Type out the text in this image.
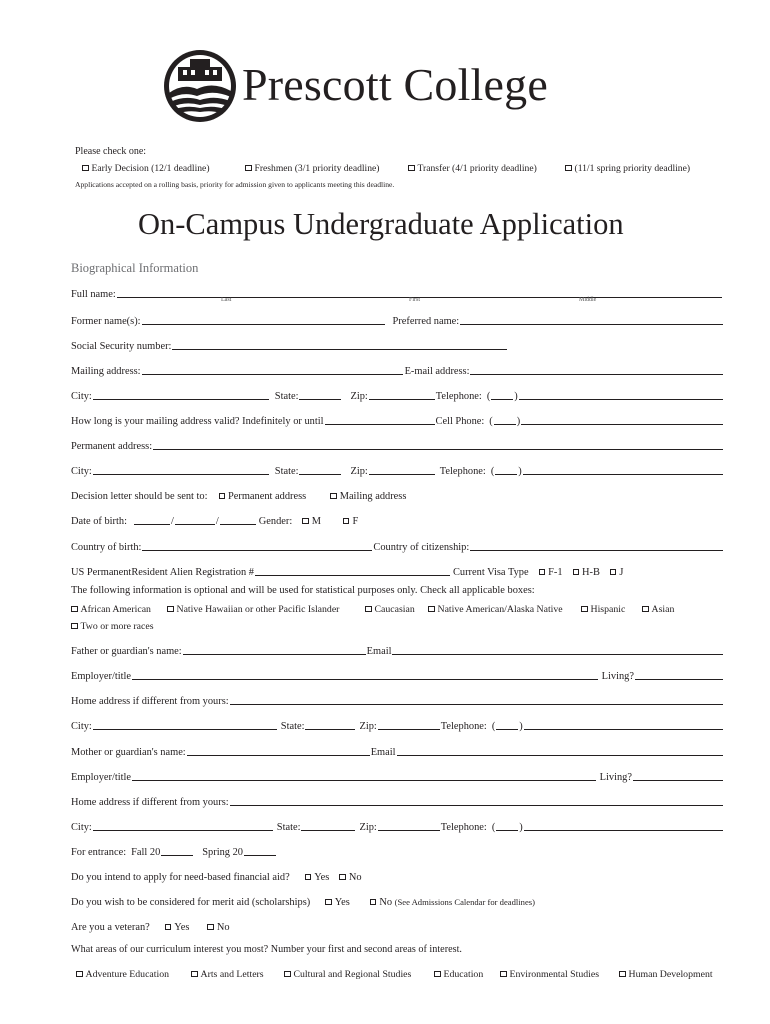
Prescott College
Please check one:
Early Decision (12/1 deadline)	Freshmen (3/1 priority deadline)	Transfer (4/1 priority deadline)	(11/1 spring priority deadline)
Applications accepted on a rolling basis, priority for admission given to applicants meeting this deadline.
On-Campus Undergraduate Application
Biographical Information
Full name:	Last	First	Middle
Former name(s):	Preferred name:
Social Security number:
Mailing address:	E-mail address:
City:	State:	Zip:	Telephone: ( )
How long is your mailing address valid? Indefinitely or until	Cell Phone: ( )
Permanent address:
City:	State:	Zip:	Telephone: ( )
Decision letter should be sent to:	Permanent address	Mailing address
Date of birth:	/	/	Gender:	M	F
Country of birth:	Country of citizenship:
US PermanentResident Alien Registration #	Current Visa Type	F-1	H-B	J
The following information is optional and will be used for statistical purposes only. Check all applicable boxes:
African American	Native Hawaiian or other Pacific Islander	Caucasian	Native American/Alaska Native	Hispanic	Asian
Two or more races
Father or guardian's name:	Email
Employer/title	Living?
Home address if different from yours:
City:	State:	Zip:	Telephone: ( )
Mother or guardian's name:	Email
Employer/title	Living?
Home address if different from yours:
City:	State:	Zip:	Telephone: ( )
For entrance: Fall 20	Spring 20
Do you intend to apply for need-based financial aid?	Yes	No
Do you wish to be considered for merit aid (scholarships)	Yes	No (See Admissions Calendar for deadlines)
Are you a veteran?	Yes	No
What areas of our curriculum interest you most? Number your first and second areas of interest.
Adventure Education	Arts and Letters	Cultural and Regional Studies	Education	Environmental Studies	Human Development
